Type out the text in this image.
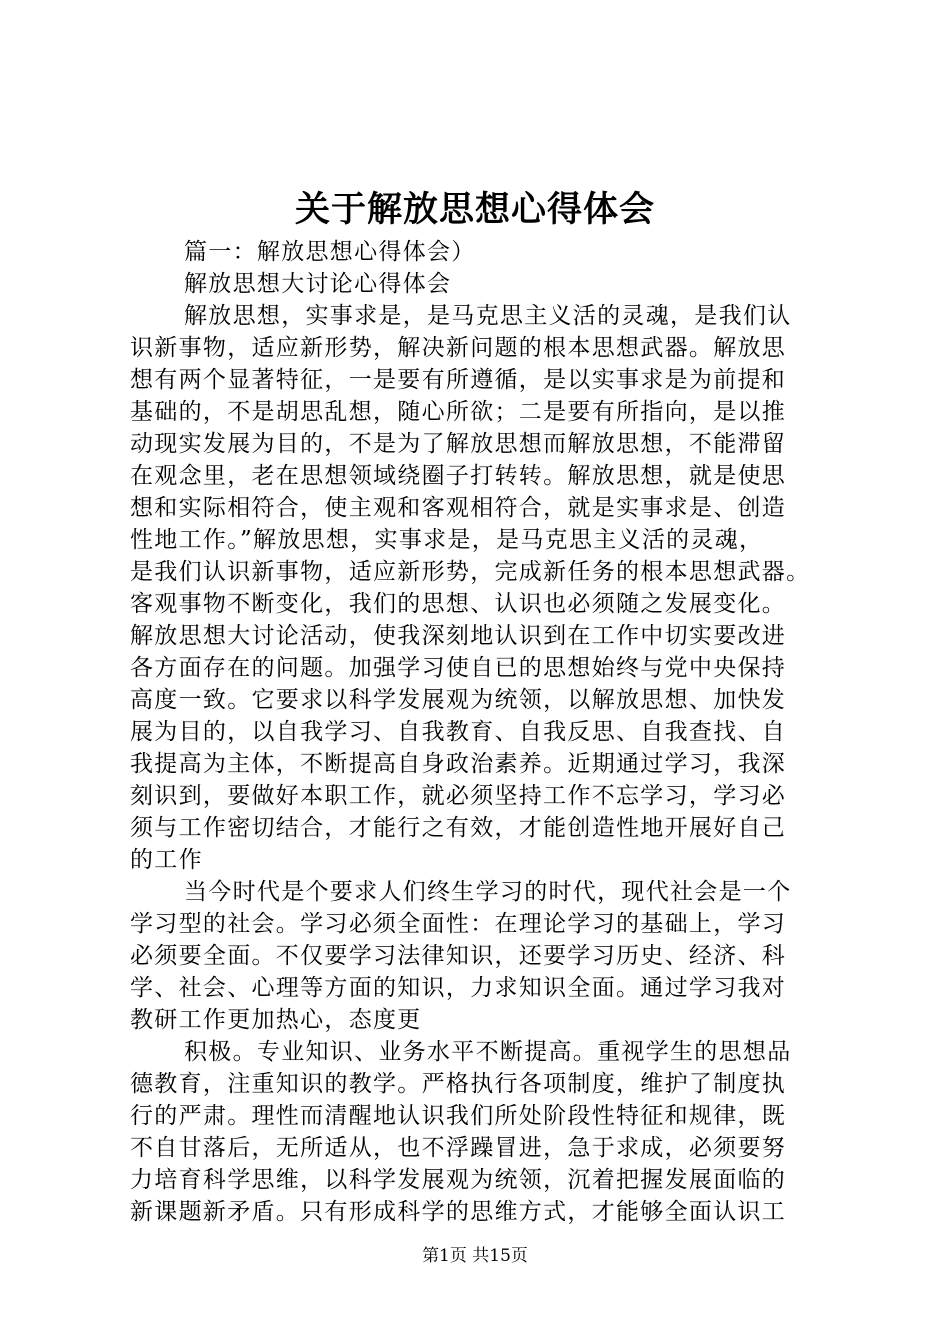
关于解放思想心得体会
篇一：解放思想心得体会）
解放思想大讨论心得体会
解放思想，实事求是，是马克思主义活的灵魂，是我们认
识新事物，适应新形势，解决新问题的根本思想武器。解放思
想有两个显著特征，一是要有所遵循，是以实事求是为前提和
基础的，不是胡思乱想，随心所欲；二是要有所指向，是以推
动现实发展为目的，不是为了解放思想而解放思想，不能滞留
在观念里，老在思想领域绕圈子打转转。解放思想，就是使思
想和实际相符合，使主观和客观相符合，就是实事求是、创造
性地工作。”解放思想，实事求是，是马克思主义活的灵魂，
是我们认识新事物，适应新形势，完成新任务的根本思想武器。
客观事物不断变化，我们的思想、认识也必须随之发展变化。
解放思想大讨论活动，使我深刻地认识到在工作中切实要改进
各方面存在的问题。加强学习使自已的思想始终与党中央保持
高度一致。它要求以科学发展观为统领，以解放思想、加快发
展为目的，以自我学习、自我教育、自我反思、自我查找、自
我提高为主体，不断提高自身政治素养。近期通过学习，我深
刻识到，要做好本职工作，就必须坚持工作不忘学习，学习必
须与工作密切结合，才能行之有效，才能创造性地开展好自己
的工作
当今时代是个要求人们终生学习的时代，现代社会是一个
学习型的社会。学习必须全面性：在理论学习的基础上，学习
必须要全面。不仅要学习法律知识，还要学习历史、经济、科
学、社会、心理等方面的知识，力求知识全面。通过学习我对
教研工作更加热心，态度更
积极。专业知识、业务水平不断提高。重视学生的思想品
德教育，注重知识的教学。严格执行各项制度，维护了制度执
行的严肃。理性而清醒地认识我们所处阶段性特征和规律，既
不自甘落后，无所适从，也不浮躁冒进，急于求成，必须要努
力培育科学思维，以科学发展观为统领，沉着把握发展面临的
新课题新矛盾。只有形成科学的思维方式，才能够全面认识工
第1页 共15页
